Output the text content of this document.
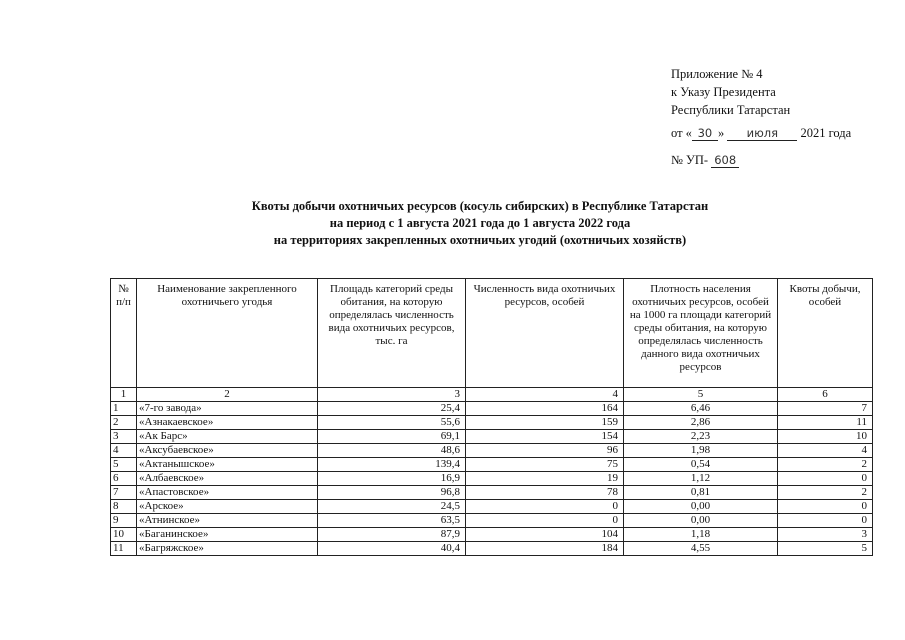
Приложение № 4
к Указу Президента
Республики Татарстан
от « 30 » июля 2021 года
№ УП- 608
Квоты добычи охотничьих ресурсов (косуль сибирских) в Республике Татарстан
на период с 1 августа 2021 года до 1 августа 2022 года
на территориях закрепленных охотничьих угодий (охотничьих хозяйств)
№ п/п	Наименование закрепленного охотничьего угодья	Площадь категорий среды обитания, на которую определялась численность вида охотничьих ресурсов, тыс. га	Численность вида охотничьих ресурсов, особей	Плотность населения охотничьих ресурсов, особей на 1000 га площади категорий среды обитания, на которую определялась численность данного вида охотничьих ресурсов	Квоты добычи, особей
1	2	3	4	5	6
1	«7-го завода»	25,4	164	6,46	7
2	«Азнакаевское»	55,6	159	2,86	11
3	«Ак Барс»	69,1	154	2,23	10
4	«Аксубаевское»	48,6	96	1,98	4
5	«Актанышское»	139,4	75	0,54	2
6	«Албаевское»	16,9	19	1,12	0
7	«Апастовское»	96,8	78	0,81	2
8	«Арское»	24,5	0	0,00	0
9	«Атнинское»	63,5	0	0,00	0
10	«Баганинское»	87,9	104	1,18	3
11	«Багряжское»	40,4	184	4,55	5
